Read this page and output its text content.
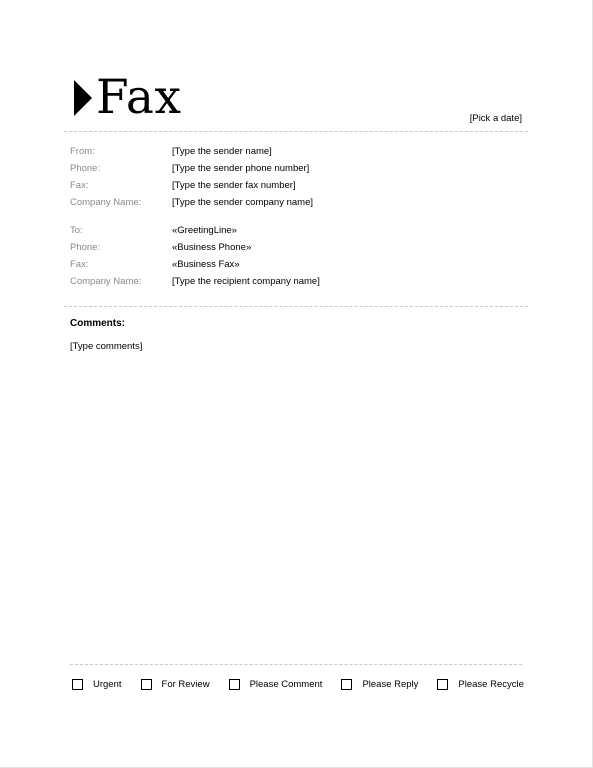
Fax	[Pick a date]
From:	[Type the sender name]
Phone:	[Type the sender phone number]
Fax:	[Type the sender fax number]
Company Name:	[Type the sender company name]
To:	«GreetingLine»
Phone:	«Business Phone»
Fax:	«Business Fax»
Company Name:	[Type the recipient company name]
Comments:
[Type comments]
Urgent	For Review	Please Comment	Please Reply	Please Recycle
